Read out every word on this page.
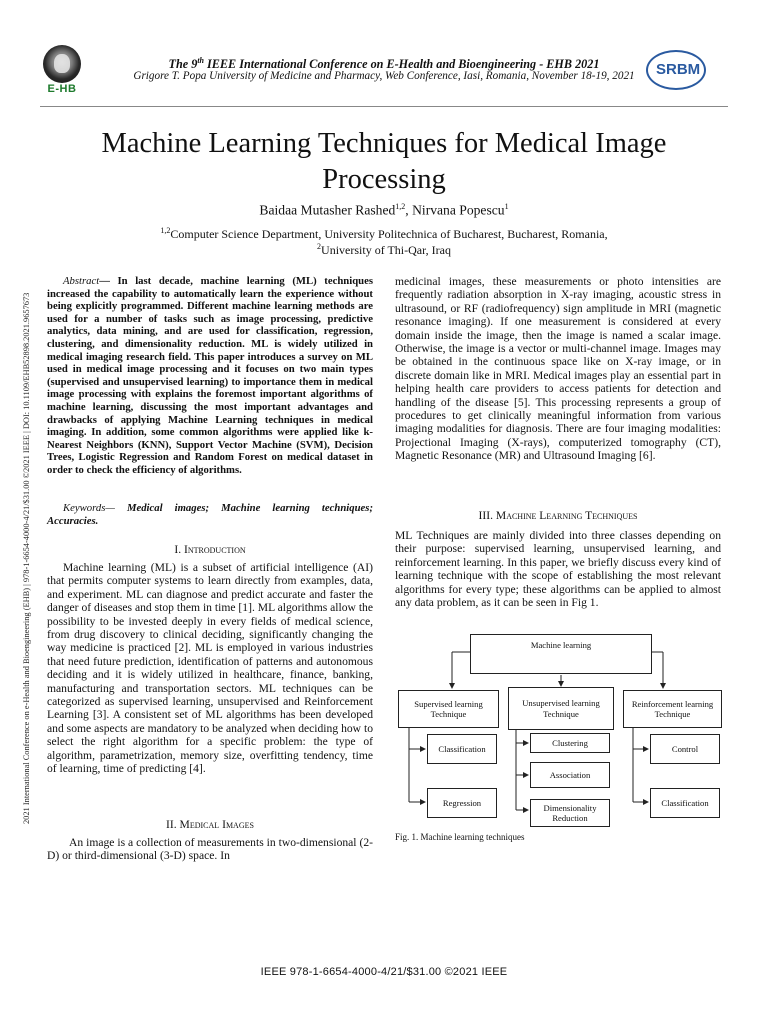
E-HB
SRBM
The 9th IEEE International Conference on E-Health and Bioengineering - EHB 2021
Grigore T. Popa University of Medicine and Pharmacy, Web Conference, Iasi, Romania, November 18-19, 2021
2021 International Conference on e-Health and Bioengineering (EHB) | 978-1-6654-4000-4/21/$31.00 ©2021 IEEE | DOI: 10.1109/EHB52898.2021.9657673
Machine Learning Techniques for Medical Image
Processing
Baidaa Mutasher Rashed$^{1,2}$, Nirvana Popescu$^1$
$^{1,2}$Computer Science Department, University Politechnica of Bucharest, Bucharest, Romania,
$^2$University of Thi-Qar, Iraq

Abstract— In last decade, machine learning (ML) techniques increased the capability to automatically learn the experience without being explicitly programmed. Different machine learning methods are used for a number of tasks such as image processing, predictive analytics, data mining, and are used for classification, regression, clustering, and dimensionality reduction. ML is widely utilized in medical imaging research field. This paper introduces a survey on ML used in medical image processing and it focuses on two main types (supervised and unsupervised learning) to importance them in medical image processing with explains the foremost important algorithms of machine learning, discussing the most important advantages and drawbacks of applying Machine Learning techniques in medical imaging. In addition, some common algorithms were applied like k-Nearest Neighbors (KNN), Support Vector Machine (SVM), Decision Trees, Logistic Regression and Random Forest on medical dataset in order to check the efficiency of algorithms.

Keywords— Medical images; Machine learning techniques; Accuracies.

I. Introduction

Machine learning (ML) is a subset of artificial intelligence (AI) that permits computer systems to learn directly from examples, data, and experiment. ML can diagnose and predict accurate and faster the danger of diseases and stop them in time [1]. ML algorithms allow the possibility to be invested deeply in every fields of medical science, from drug discovery to clinical deciding, significantly changing the way medicine is practiced [2]. ML is employed in various industries that need future prediction, identification of patterns and autonomous deciding and it is widely utilized in healthcare, finance, banking, manufacturing and transportation sectors. ML techniques can be categorized as supervised learning, unsupervised and Reinforcement Learning [3]. A consistent set of ML algorithms has been developed and some aspects are mandatory to be analyzed when deciding how to select the right algorithm for a specific problem: the type of algorithm, parametrization, memory size, overfitting tendency, time of learning, time of predicting [4].

II. Medical Images

An image is a collection of measurements in two-dimensional (2-D) or third-dimensional (3-D) space. In

medicinal images, these measurements or photo intensities are frequently radiation absorption in X-ray imaging, acoustic stress in ultrasound, or RF (radiofrequency) sign amplitude in MRI (magnetic resonance imaging). If one measurement is considered at every domain inside the image, then the image is named a scalar image. Otherwise, the image is a vector or multi-channel image. Images may be obtained in the continuous space like on X-ray image, or in discrete domain like in MRI. Medical images play an essential part in helping health care providers to access patients for detection and handling of the disease [5]. This processing represents a group of procedures to get clinically meaningful information from various imaging modalities for diagnosis. There are four imaging modalities: Projectional Imaging (X-rays), computerized tomography (CT), Magnetic Resonance (MR) and Ultrasound Imaging [6].

III. Machine Learning Techniques

ML Techniques are mainly divided into three classes depending on their purpose: supervised learning, unsupervised learning, and reinforcement learning. In this paper, we briefly discuss every kind of learning technique with the scope of establishing the most relevant algorithms for every type; these algorithms can be applied to almost any data problem, as it can be seen in Fig 1.

Machine learning
Supervised learning Technique
Unsupervised learning Technique
Reinforcement learning Technique
Classification
Regression
Clustering
Association
Dimensionality Reduction
Control
Classification
Fig. 1. Machine learning techniques
IEEE 978-1-6654-4000-4/21/$31.00 ©2021 IEEE
